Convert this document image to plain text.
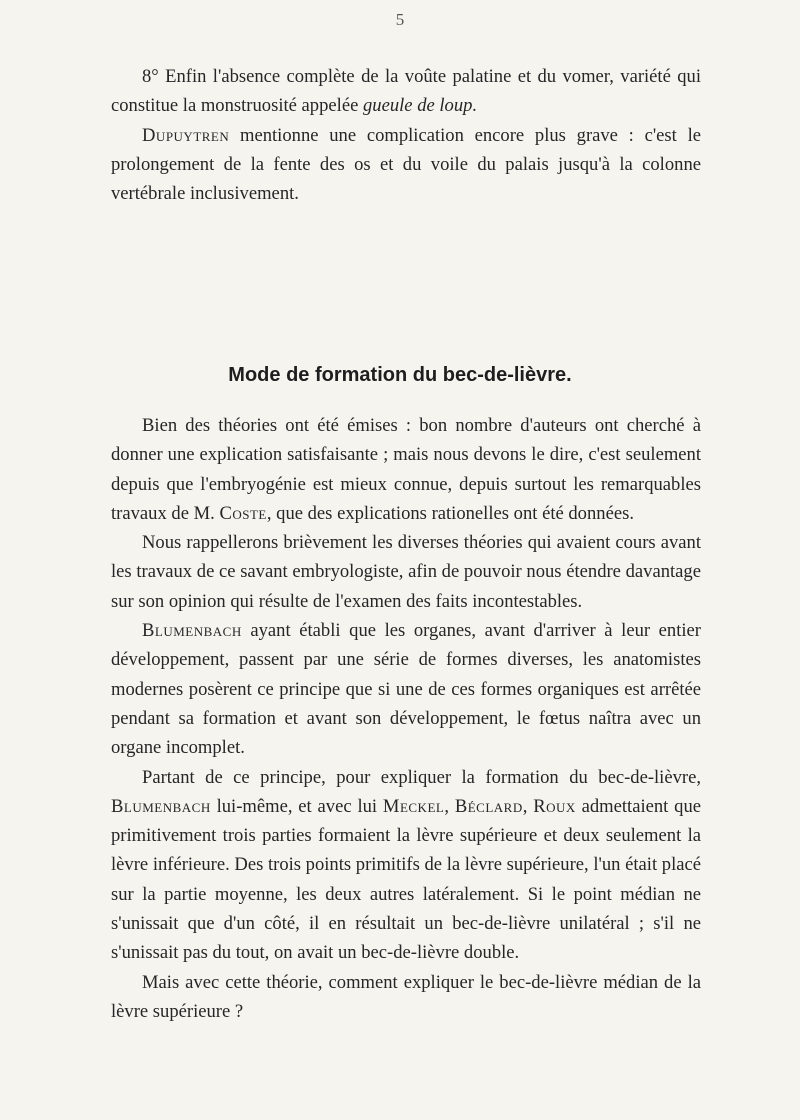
5

8° Enfin l'absence complète de la voûte palatine et du vomer, variété qui constitue la monstruosité appelée gueule de loup.

Dupuytren mentionne une complication encore plus grave : c'est le prolongement de la fente des os et du voile du palais jusqu'à la colonne vertébrale inclusivement.

Mode de formation du bec-de-lièvre.

Bien des théories ont été émises : bon nombre d'auteurs ont cherché à donner une explication satisfaisante ; mais nous devons le dire, c'est seulement depuis que l'embryogénie est mieux connue, depuis surtout les remarquables travaux de M. Coste, que des explications rationelles ont été données.

Nous rappellerons brièvement les diverses théories qui avaient cours avant les travaux de ce savant embryologiste, afin de pouvoir nous étendre davantage sur son opinion qui résulte de l'examen des faits incontestables.

Blumenbach ayant établi que les organes, avant d'arriver à leur entier développement, passent par une série de formes diverses, les anatomistes modernes posèrent ce principe que si une de ces formes organiques est arrêtée pendant sa formation et avant son développement, le fœtus naîtra avec un organe incomplet.

Partant de ce principe, pour expliquer la formation du bec-de-lièvre, Blumenbach lui-même, et avec lui Meckel, Béclard, Roux admettaient que primitivement trois parties formaient la lèvre supérieure et deux seulement la lèvre inférieure. Des trois points primitifs de la lèvre supérieure, l'un était placé sur la partie moyenne, les deux autres latéralement. Si le point médian ne s'unissait que d'un côté, il en résultait un bec-de-lièvre unilatéral ; s'il ne s'unissait pas du tout, on avait un bec-de-lièvre double.

Mais avec cette théorie, comment expliquer le bec-de-lièvre médian de la lèvre supérieure ?
